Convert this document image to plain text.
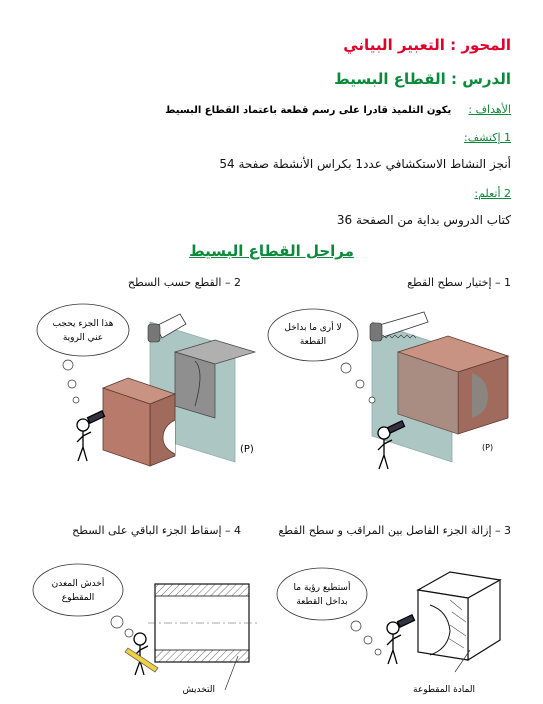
المحور : التعبير البياني
الدرس : القطاع البسيط
الأهداف : يكون التلميذ قادرا على رسم قطعة باعتماد القطاع البسيط
1 إكتشف:
أنجز النشاط الاستكشافي عدد1 بكراس الأنشطة صفحة 54
2 أتعلم:
كتاب الدروس بداية من الصفحة 36
مراحل القطاع البسيط
1 – إختيار سطح القطع
2 – القطع حسب السطح
3 – إزالة الجزء الفاصل بين المراقب و سطح القطع
4 – إسقاط الجزء الباقي على السطح
(P)
(P)
لا أرى ما بداخل القطعة
هذا الجزء يحجب عني الروية
أستطيع رؤية ما بداخل القطعة
أخدش المعدن المقطوع
المادة المقطوعة
التخديش
